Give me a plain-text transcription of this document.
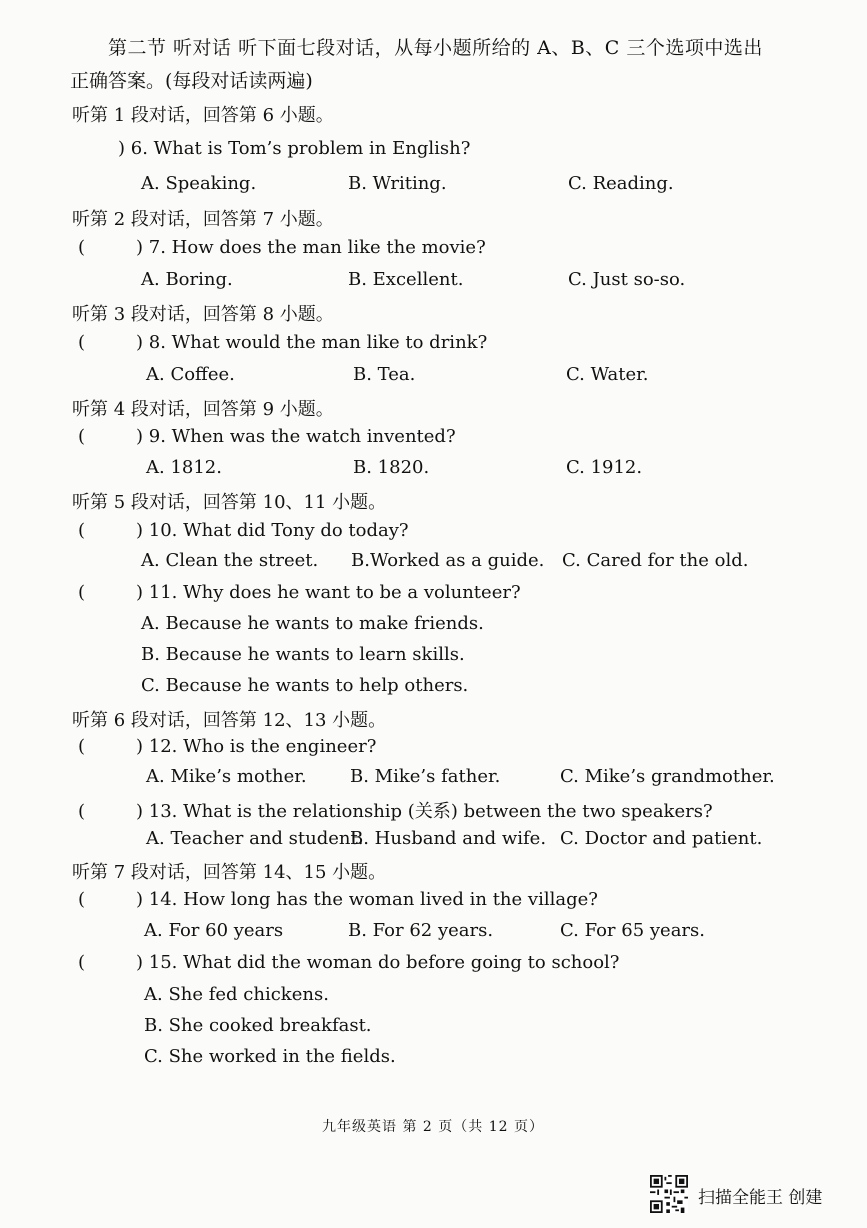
第二节 听对话 听下面七段对话，从每小题所给的 A、B、C 三个选项中选出
正确答案。(每段对话读两遍)
听第 1 段对话，回答第 6 小题。
) 6. What is Tom’s problem in English?
A. Speaking.	B. Writing.	C. Reading.
听第 2 段对话，回答第 7 小题。
(	) 7. How does the man like the movie?
A. Boring.	B. Excellent.	C. Just so-so.
听第 3 段对话，回答第 8 小题。
(	) 8. What would the man like to drink?
A. Coffee.	B. Tea.	C. Water.
听第 4 段对话，回答第 9 小题。
(	) 9. When was the watch invented?
A. 1812.	B. 1820.	C. 1912.
听第 5 段对话，回答第 10、11 小题。
(	) 10. What did Tony do today?
A. Clean the street. B.Worked as a guide. C. Cared for the old.
(	) 11. Why does he want to be a volunteer?
A. Because he wants to make friends.
B. Because he wants to learn skills.
C. Because he wants to help others.
听第 6 段对话，回答第 12、13 小题。
(	) 12. Who is the engineer?
A. Mike’s mother. B. Mike’s father.	C. Mike’s grandmother.
(	) 13. What is the relationship (关系) between the two speakers?
A. Teacher and student.
B. Husband and wife. C. Doctor and patient.
听第 7 段对话，回答第 14、15 小题。
(	) 14. How long has the woman lived in the village?
A. For 60 years	B. For 62 years.	C. For 65 years.
(	) 15. What did the woman do before going to school?
A. She fed chickens.
B. She cooked breakfast.
C. She worked in the fields.
九年级英语 第 2 页（共 12 页）
扫描全能王 创建
